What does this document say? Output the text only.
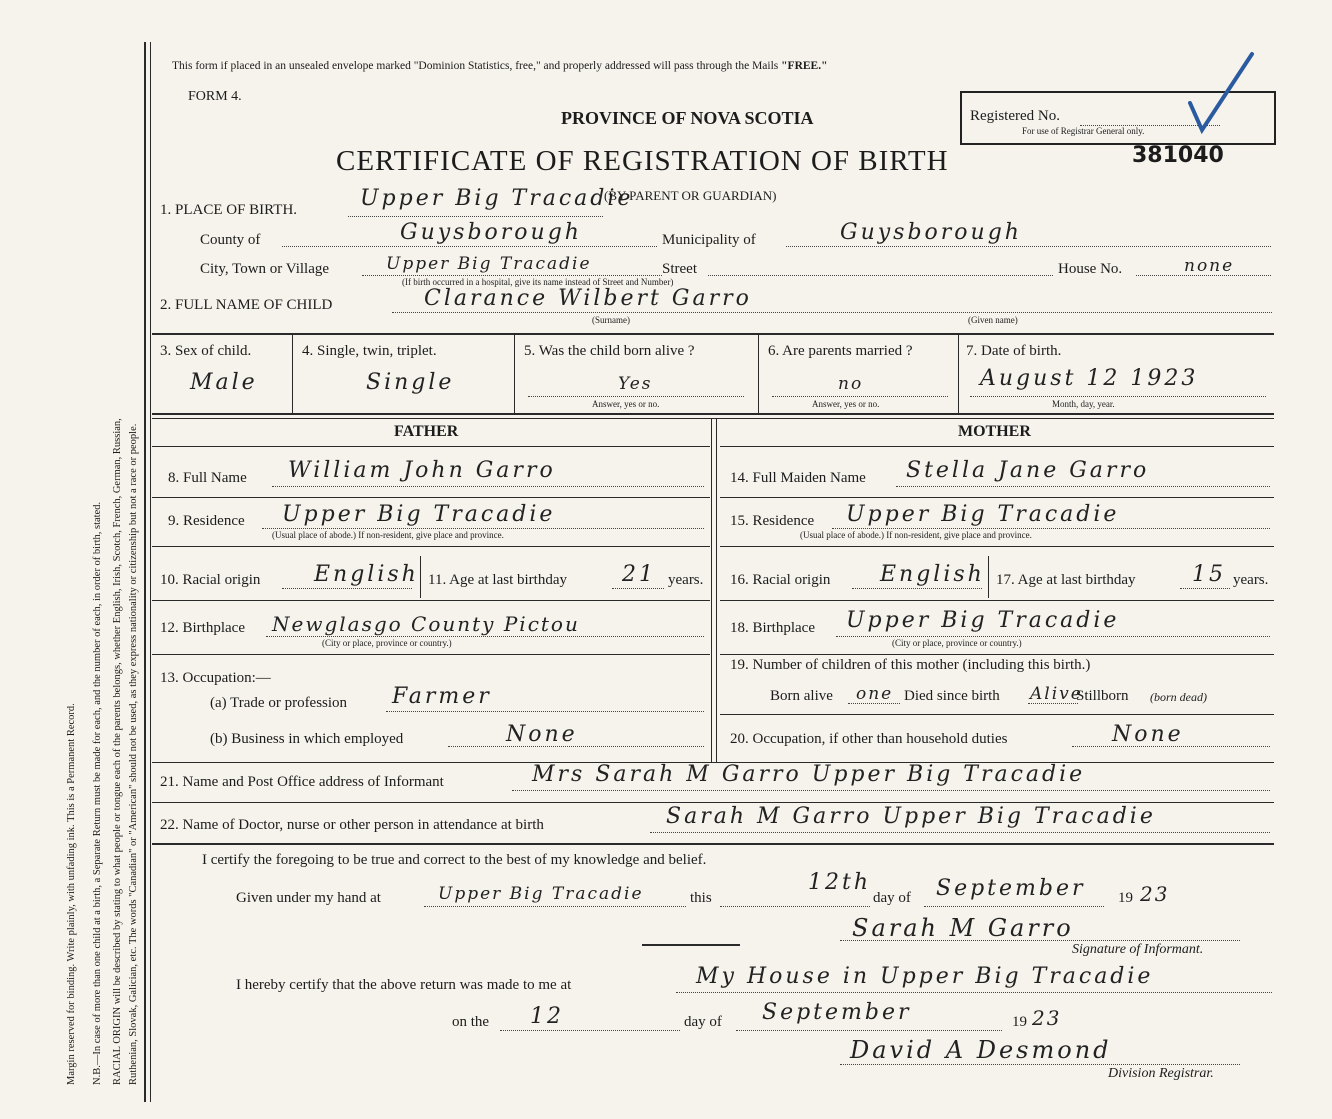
Margin reserved for binding. Write plainly, with unfading ink. This is a Permanent Record. N.B.—In case of more than one child at a birth, a Separate Return must be made for each, and the number of each, in order of birth, stated. RACIAL ORIGIN will be described by stating to what people or tongue each of the parents belongs, whether English, Irish, Scotch, French, German, Russian, Ruthenian, Slovak, Galician, etc. The words "Canadian" or "American" should not be used, as they express nationality or citizenship but not a race or people.
This form if placed in an unsealed envelope marked "Dominion Statistics, free," and properly addressed will pass through the Mails "FREE."
FORM 4.
PROVINCE OF NOVA SCOTIA
CERTIFICATE OF REGISTRATION OF BIRTH
Registered No.
For use of Registrar General only.
381040
1. PLACE OF BIRTH.	Upper Big Tracadie
(BY PARENT OR GUARDIAN)
County of	Guysborough	Municipality of	Guysborough
City, Town or Village	Upper Big Tracadie	Street
(If birth occurred in a hospital, give its name instead of Street and Number)
House No.	none
2. FULL NAME OF CHILD	Clarance Wilbert Garro
(Surname)	(Given name)
3. Sex of child.
Male
4. Single, twin, triplet.
Single
5. Was the child born alive ?
Yes
Answer, yes or no.
6. Are parents married ?
no
Answer, yes or no.
7. Date of birth.
August 12 1923
Month, day, year.
FATHER	MOTHER
8. Full Name William John Garro
9. Residence Upper Big Tracadie
(Usual place of abode.) If non-resident, give place and province.
10. Racial origin English 11. Age at last birthday	21 years.
12. Birthplace Newglasgo County Pictou
(City or place, province or country.)
13. Occupation:—
(a) Trade or profession Farmer
(b) Business in which employed	None
14. Full Maiden Name Stella Jane Garro
15. Residence Upper Big Tracadie
(Usual place of abode.) If non-resident, give place and province.
16. Racial origin English 17. Age at last birthday	15 years.
18. Birthplace Upper Big Tracadie
(City or place, province or country.)
19. Number of children of this mother (including this birth.)
Born alive one Died since birth Alive
Stillborn (born dead)
20. Occupation, if other than household duties	None
21. Name and Post Office address of Informant	Mrs Sarah M Garro Upper Big Tracadie
22. Name of Doctor, nurse or other person in attendance at birth	Sarah M Garro Upper Big Tracadie
I certify the foregoing to be true and correct to the best of my knowledge and belief.
Given under my hand at	Upper Big Tracadie	this
12th
day of September 19 23
Sarah M Garro
Signature of Informant.
I hereby certify that the above return was made to me at	My House in Upper Big Tracadie
on the 12	day of September	19 23
David A Desmond
Division Registrar.
